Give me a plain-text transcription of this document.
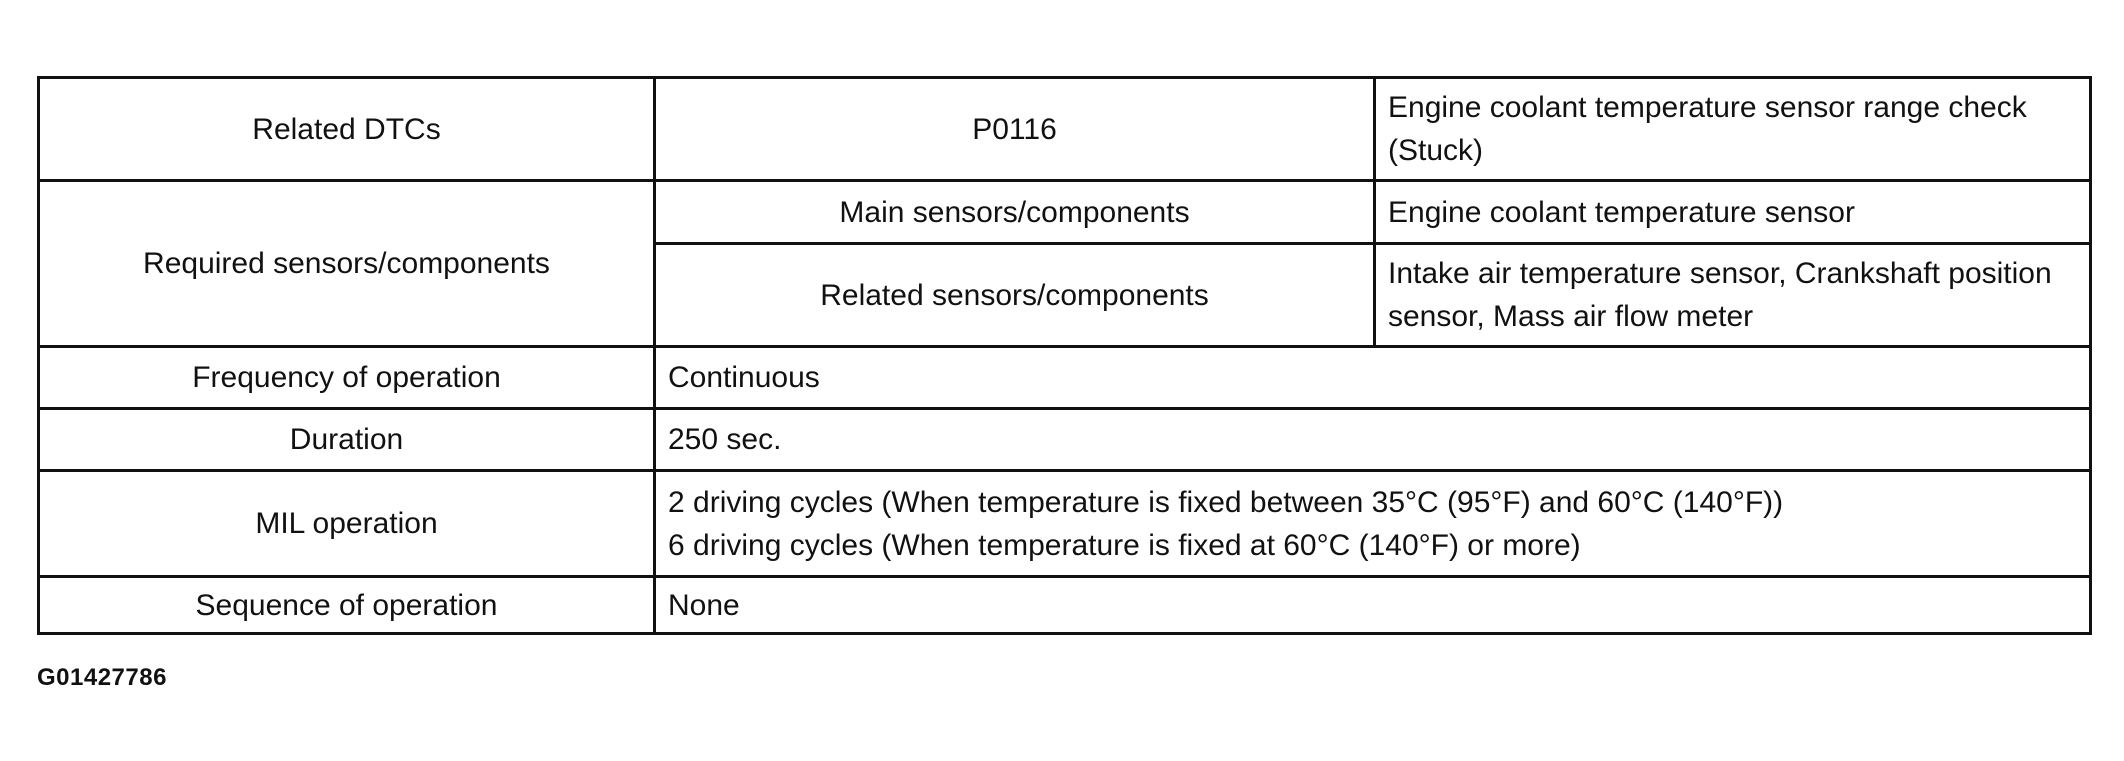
Related DTCs	P0116	Engine coolant temperature sensor range check (Stuck)
Required sensors/components	Main sensors/components	Engine coolant temperature sensor
	Related sensors/components	Intake air temperature sensor, Crankshaft position sensor, Mass air flow meter
Frequency of operation	Continuous	
Duration	250 sec.	
MIL operation	2 driving cycles (When temperature is fixed between 35°C (95°F) and 60°C (140°F))
6 driving cycles (When temperature is fixed at 60°C (140°F) or more)	

Sequence of operation	None	
G01427786
